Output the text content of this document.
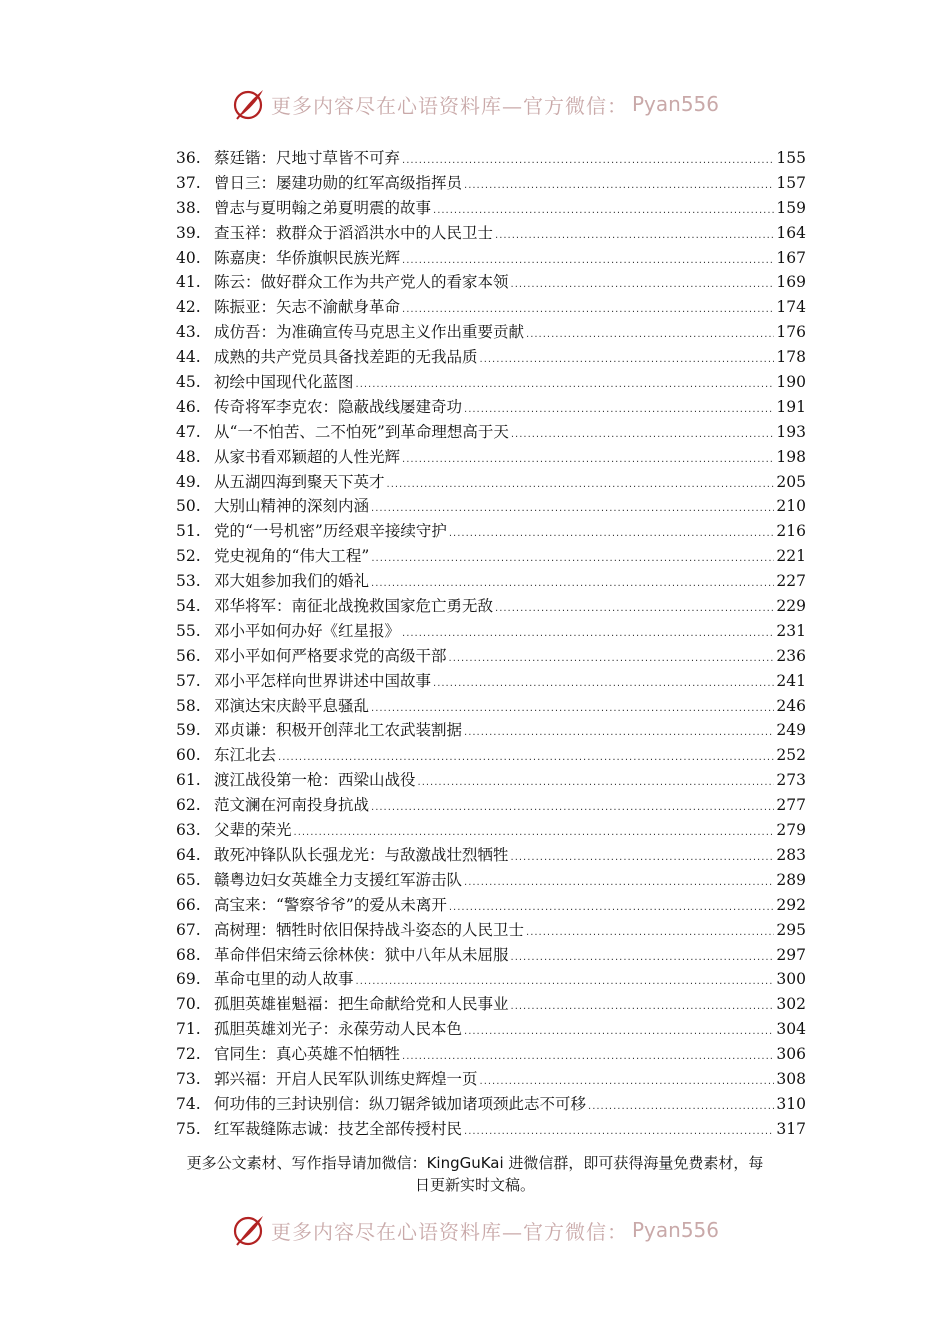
更多内容尽在心语资料库—官方微信： Pyan556
36. 蔡廷锴：尺地寸草皆不可弃 .....	155
37. 曾日三：屡建功勋的红军高级指挥员 .....	157
38. 曾志与夏明翰之弟夏明震的故事 .....	159
39. 查玉祥：救群众于滔滔洪水中的人民卫士 .....	164
40. 陈嘉庚：华侨旗帜民族光辉 .....	167
41. 陈云：做好群众工作为共产党人的看家本领 .....	169
42. 陈振亚：矢志不渝献身革命 .....	174
43. 成仿吾：为准确宣传马克思主义作出重要贡献 .....	176
44. 成熟的共产党员具备找差距的无我品质 .....	178
45. 初绘中国现代化蓝图 .....	190
46. 传奇将军李克农：隐蔽战线屡建奇功 .....	191
47. 从“一不怕苦、二不怕死”到革命理想高于天 .....	193
48. 从家书看邓颖超的人性光辉 .....	198
49. 从五湖四海到聚天下英才 .....	205
50. 大别山精神的深刻内涵 .....	210
51. 党的“一号机密”历经艰辛接续守护 .....	216
52. 党史视角的“伟大工程” .....	221
53. 邓大姐参加我们的婚礼 .....	227
54. 邓华将军：南征北战挽救国家危亡勇无敌 .....	229
55. 邓小平如何办好《红星报》 .....	231
56. 邓小平如何严格要求党的高级干部 .....	236
57. 邓小平怎样向世界讲述中国故事 .....	241
58. 邓演达宋庆龄平息骚乱 .....	246
59. 邓贞谦：积极开创萍北工农武装割据 .....	249
60. 东江北去 .....	252
61. 渡江战役第一枪：西梁山战役 .....	273
62. 范文澜在河南投身抗战 .....	277
63. 父辈的荣光 .....	279
64. 敢死冲锋队队长强龙光：与敌激战壮烈牺牲 .....	283
65. 赣粤边妇女英雄全力支援红军游击队 .....	289
66. 高宝来：“警察爷爷”的爱从未离开 .....	292
67. 高树理：牺牲时依旧保持战斗姿态的人民卫士 .....	295
68. 革命伴侣宋绮云徐林侠：狱中八年从未屈服 .....	297
69. 革命屯里的动人故事 .....	300
70. 孤胆英雄崔魁福：把生命献给党和人民事业 .....	302
71. 孤胆英雄刘光子：永葆劳动人民本色 .....	304
72. 官同生：真心英雄不怕牺牲 .....	306
73. 郭兴福：开启人民军队训练史辉煌一页 .....	308
74. 何功伟的三封诀别信：纵刀锯斧钺加诸项颈此志不可移 .....	310
75. 红军裁缝陈志诚：技艺全部传授村民 .....	317
更多公文素材、写作指导请加微信：KingGuKai 进微信群，即可获得海量免费素材，每
日更新实时文稿。
更多内容尽在心语资料库—官方微信： Pyan556
